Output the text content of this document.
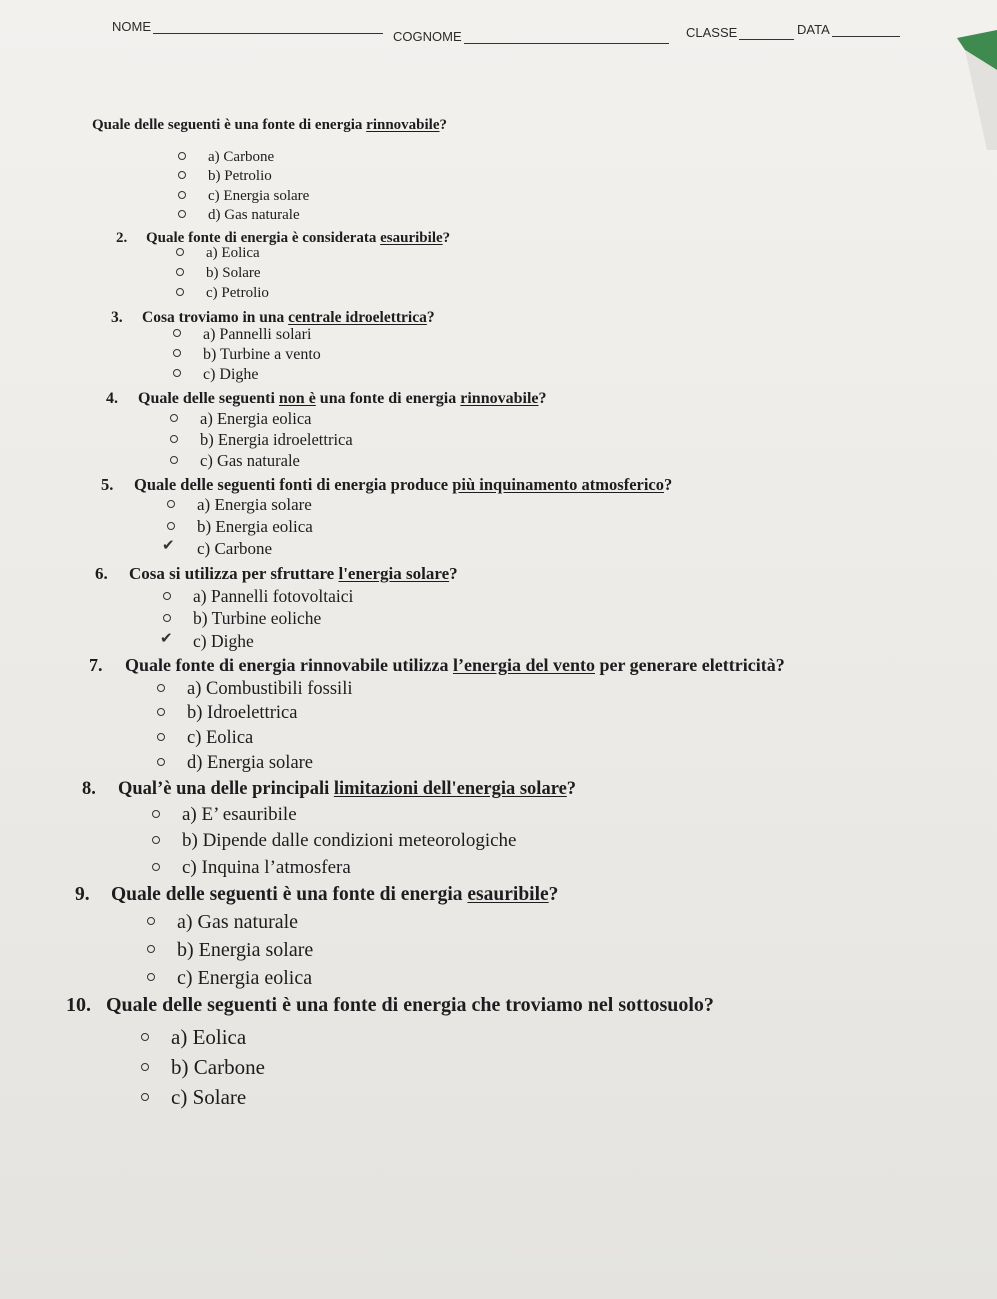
NOME
COGNOME	CLASSE	DATA
Quale delle seguenti è una fonte di energia rinnovabile?
a) Carbone
b) Petrolio
c) Energia solare
d) Gas naturale
2. Quale fonte di energia è considerata esauribile?
a) Eolica
b) Solare
c) Petrolio
3. Cosa troviamo in una centrale idroelettrica?
a) Pannelli solari
b) Turbine a vento
c) Dighe
4. Quale delle seguenti non è una fonte di energia rinnovabile?
a) Energia eolica
b) Energia idroelettrica
c) Gas naturale
5. Quale delle seguenti fonti di energia produce più inquinamento atmosferico?
a) Energia solare
b) Energia eolica
c) Carbone
✔
6. Cosa si utilizza per sfruttare l'energia solare?
a) Pannelli fotovoltaici
b) Turbine eoliche
c) Dighe
✔
7. Quale fonte di energia rinnovabile utilizza l’energia del vento per generare elettricità?
a) Combustibili fossili
b) Idroelettrica
c) Eolica
d) Energia solare
8. Qual’è una delle principali limitazioni dell'energia solare?
a) E’ esauribile
b) Dipende dalle condizioni meteorologiche
c) Inquina l’atmosfera
9. Quale delle seguenti è una fonte di energia esauribile?
a) Gas naturale
b) Energia solare
c) Energia eolica
10. Quale delle seguenti è una fonte di energia che troviamo nel sottosuolo?
a) Eolica
b) Carbone
c) Solare
